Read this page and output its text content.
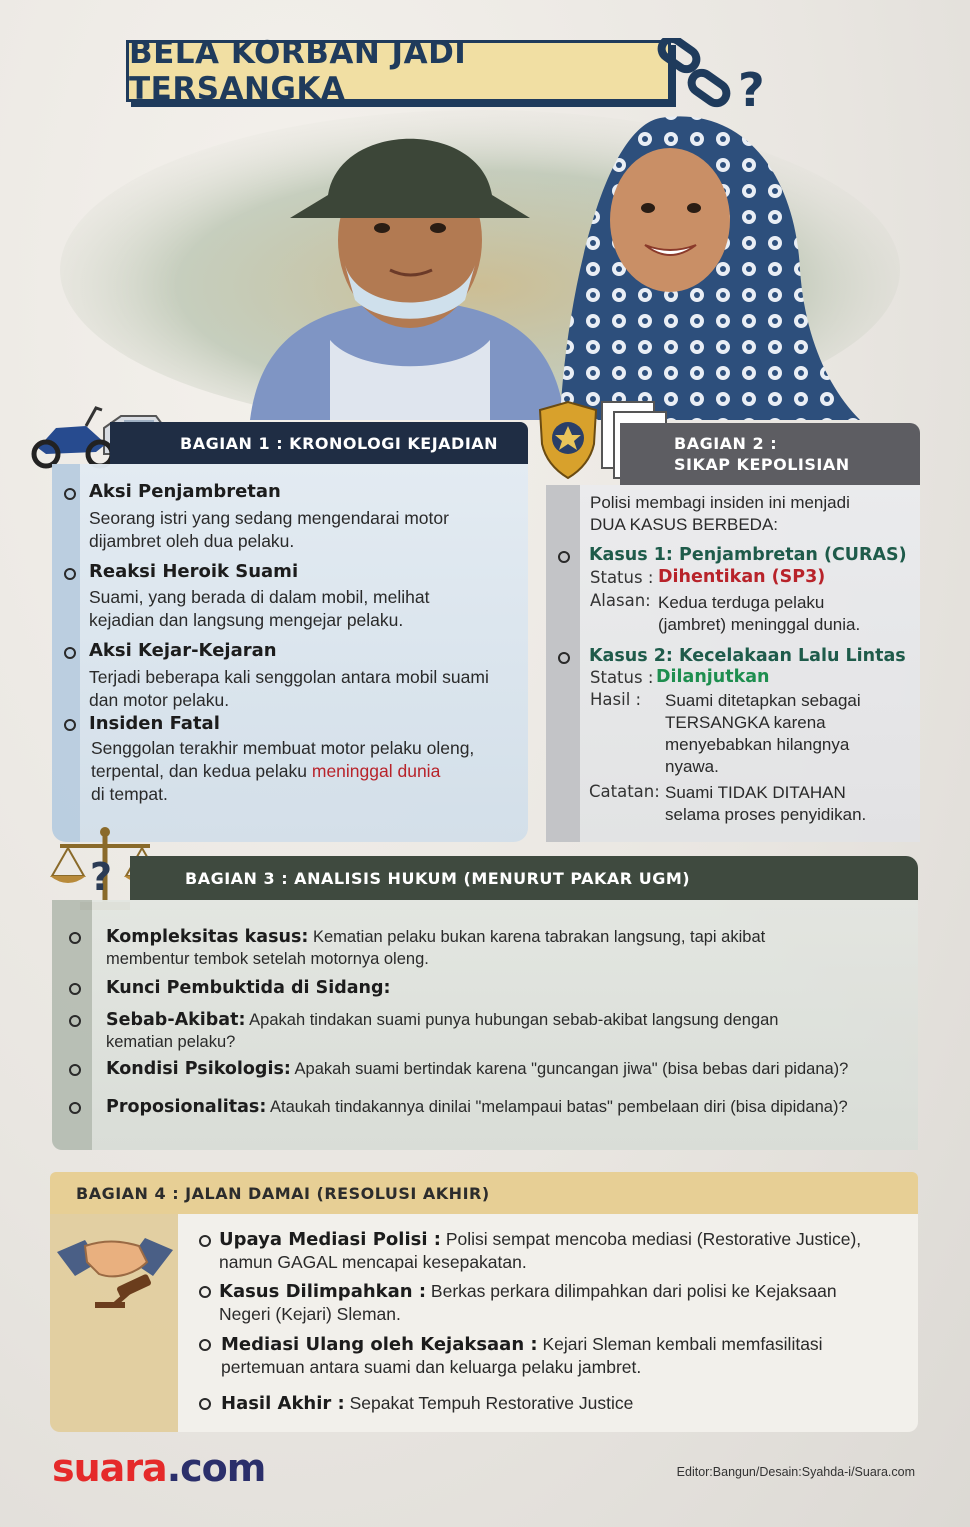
BELA KORBAN JADI TERSANGKA	?
BAGIAN 1 : KRONOLOGI KEJADIAN
Aksi Penjambretan
Seorang istri yang sedang mengendarai motor
dijambret oleh dua pelaku.
Reaksi Heroik Suami
Suami, yang berada di dalam mobil, melihat
kejadian dan langsung mengejar pelaku.
Aksi Kejar-Kejaran
Terjadi beberapa kali senggolan antara mobil suami
dan motor pelaku.
Insiden Fatal
Senggolan terakhir membuat motor pelaku oleng,
terpental, dan kedua pelaku meninggal dunia
di tempat.
BAGIAN 2 :
SIKAP KEPOLISIAN
Polisi membagi insiden ini menjadi
DUA KASUS BERBEDA:
Kasus 1: Penjambretan (CURAS)
Status : Dihentikan (SP3)
Alasan: Kedua terduga pelaku
(jambret) meninggal dunia.
Kasus 2: Kecelakaan Lalu Lintas
Status : Dilanjutkan
Hasil : Suami ditetapkan sebagai
TERSANGKA karena
menyebabkan hilangnya
nyawa.
Catatan: Suami TIDAK DITAHAN
selama proses penyidikan.
?	BAGIAN 3 : ANALISIS HUKUM (MENURUT PAKAR UGM)
Kompleksitas kasus: Kematian pelaku bukan karena tabrakan langsung, tapi akibat
membentur tembok setelah motornya oleng.
Kunci Pembuktida di Sidang:
Sebab-Akibat: Apakah tindakan suami punya hubungan sebab-akibat langsung dengan
kematian pelaku?
Kondisi Psikologis: Apakah suami bertindak karena "guncangan jiwa" (bisa bebas dari pidana)?
Proposionalitas: Ataukah tindakannya dinilai "melampaui batas" pembelaan diri (bisa dipidana)?
BAGIAN 4 : JALAN DAMAI (RESOLUSI AKHIR)
Upaya Mediasi Polisi : Polisi sempat mencoba mediasi (Restorative Justice),
namun GAGAL mencapai kesepakatan.
Kasus Dilimpahkan : Berkas perkara dilimpahkan dari polisi ke Kejaksaan
Negeri (Kejari) Sleman.
Mediasi Ulang oleh Kejaksaan : Kejari Sleman kembali memfasilitasi
pertemuan antara suami dan keluarga pelaku jambret.
Hasil Akhir : Sepakat Tempuh Restorative Justice
suara.com	Editor:Bangun/Desain:Syahda-i/Suara.com
